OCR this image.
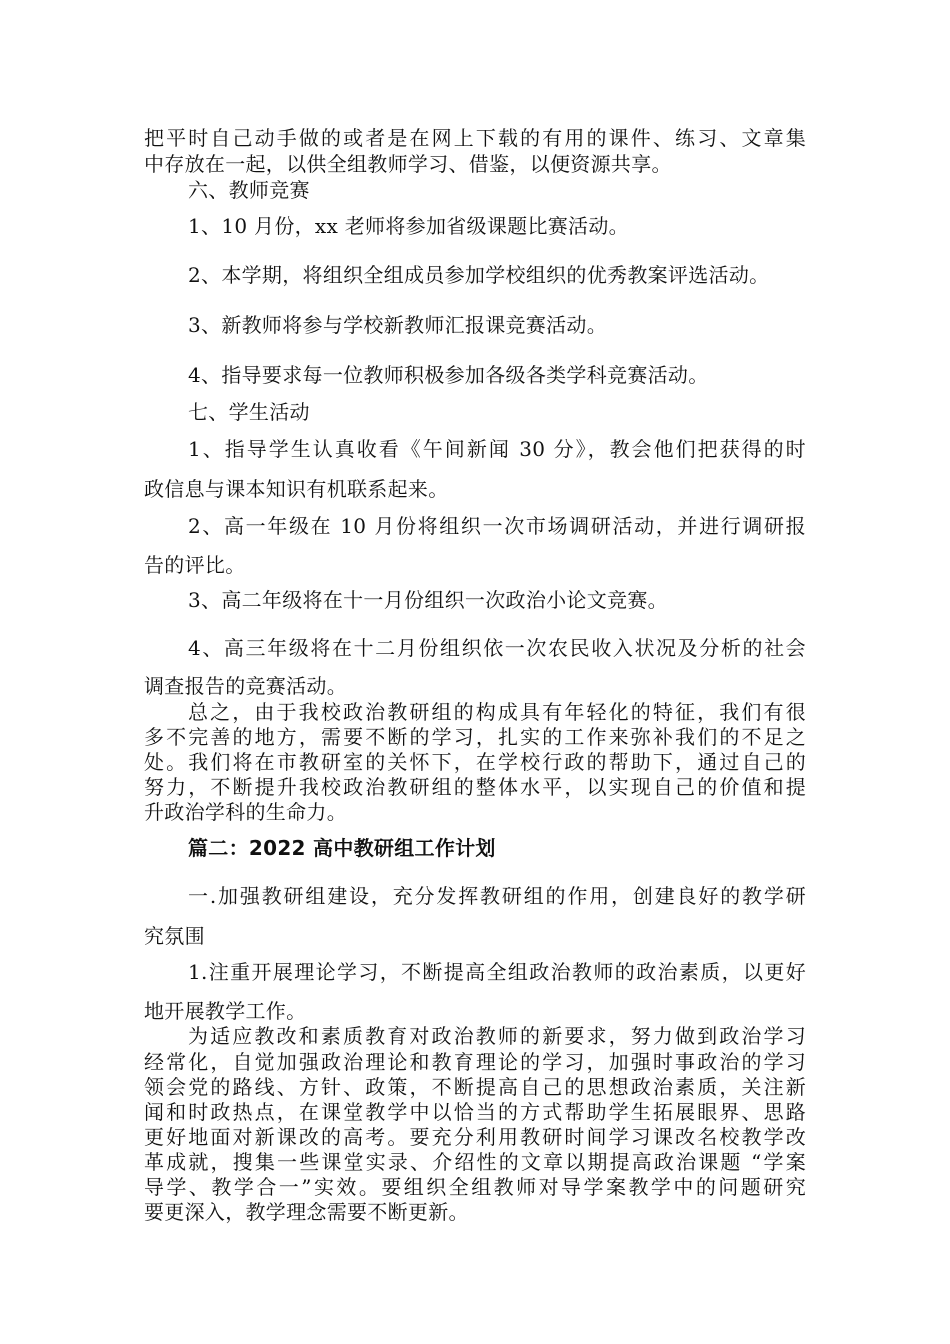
把平时自己动手做的或者是在网上下载的有用的课件、练习、文章集
中存放在一起，以供全组教师学习、借鉴，以便资源共享。
六、教师竞赛
1、10 月份，xx 老师将参加省级课题比赛活动。
2、本学期，将组织全组成员参加学校组织的优秀教案评选活动。
3、新教师将参与学校新教师汇报课竞赛活动。
4、指导要求每一位教师积极参加各级各类学科竞赛活动。
七、学生活动
1、指导学生认真收看《午间新闻 30 分》，教会他们把获得的时
政信息与课本知识有机联系起来。
2、高一年级在 10 月份将组织一次市场调研活动，并进行调研报
告的评比。
3、高二年级将在十一月份组织一次政治小论文竞赛。
4、高三年级将在十二月份组织依一次农民收入状况及分析的社会
调查报告的竞赛活动。
总之，由于我校政治教研组的构成具有年轻化的特征，我们有很
多不完善的地方，需要不断的学习，扎实的工作来弥补我们的不足之
处。我们将在市教研室的关怀下，在学校行政的帮助下，通过自己的
努力，不断提升我校政治教研组的整体水平，以实现自己的价值和提
升政治学科的生命力。
篇二：2022 高中教研组工作计划
一.加强教研组建设，充分发挥教研组的作用，创建良好的教学研
究氛围
1.注重开展理论学习，不断提高全组政治教师的政治素质，以更好
地开展教学工作。
为适应教改和素质教育对政治教师的新要求，努力做到政治学习
经常化，自觉加强政治理论和教育理论的学习，加强时事政治的学习
领会党的路线、方针、政策，不断提高自己的思想政治素质，关注新
闻和时政热点，在课堂教学中以恰当的方式帮助学生拓展眼界、思路
更好地面对新课改的高考。要充分利用教研时间学习课改名校教学改
革成就，搜集一些课堂实录、介绍性的文章以期提高政治课题 “学案
导学、教学合一”实效。要组织全组教师对导学案教学中的问题研究
要更深入，教学理念需要不断更新。
